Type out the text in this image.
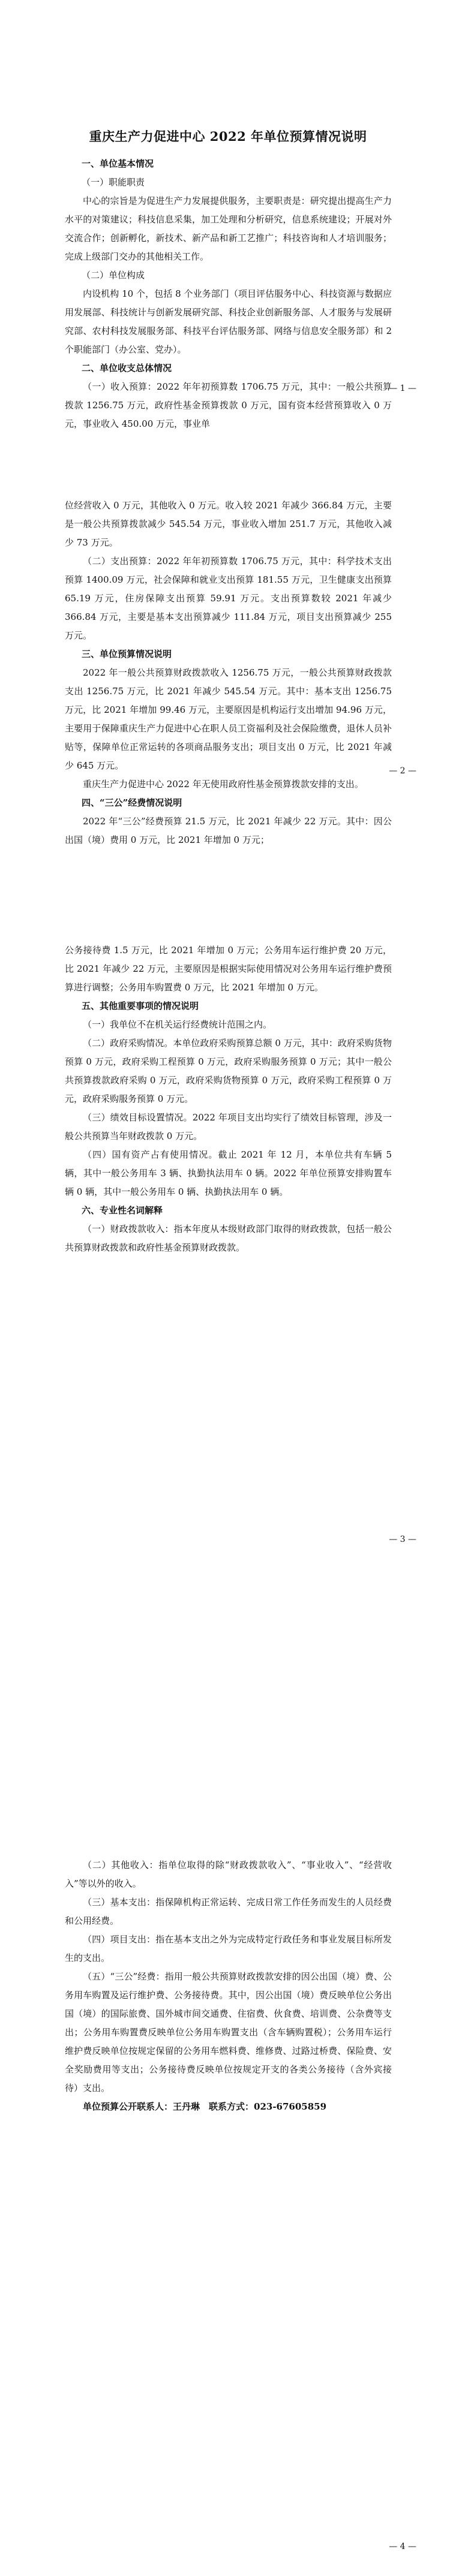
重庆生产力促进中心 2022 年单位预算情况说明

一、单位基本情况

（一）职能职责

中心的宗旨是为促进生产力发展提供服务，主要职责是：研究提出提高生产力水平的对策建议；科技信息采集，加工处理和分析研究，信息系统建设；开展对外交流合作；创新孵化，新技术、新产品和新工艺推广；科技咨询和人才培训服务；完成上级部门交办的其他相关工作。

（二）单位构成

内设机构 10 个，包括 8 个业务部门（项目评估服务中心、科技资源与数据应用发展部、科技统计与创新发展研究部、科技企业创新服务部、人才服务与发展研究部、农村科技发展服务部、科技平台评估服务部、网络与信息安全服务部）和 2 个职能部门（办公室、党办）。

二、单位收支总体情况

（一）收入预算：2022 年年初预算数 1706.75 万元，其中：一般公共预算拨款 1256.75 万元，政府性基金预算拨款 0 万元，国有资本经营预算收入 0 万元，事业收入 450.00 万元，事业单

— 1 —

位经营收入 0 万元，其他收入 0 万元。收入较 2021 年减少 366.84 万元，主要是一般公共预算拨款减少 545.54 万元，事业收入增加 251.7 万元，其他收入减少 73 万元。

（二）支出预算：2022 年年初预算数 1706.75 万元，其中：科学技术支出预算 1400.09 万元，社会保障和就业支出预算 181.55 万元，卫生健康支出预算 65.19 万元，住房保障支出预算 59.91 万元。支出预算数较 2021 年减少 366.84 万元，主要是基本支出预算减少 111.84 万元，项目支出预算减少 255 万元。

三、单位预算情况说明

2022 年一般公共预算财政拨款收入 1256.75 万元，一般公共预算财政拨款支出 1256.75 万元，比 2021 年减少 545.54 万元。其中：基本支出 1256.75 万元，比 2021 年增加 99.46 万元，主要原因是机构运行支出增加 94.96 万元，主要用于保障重庆生产力促进中心在职人员工资福利及社会保险缴费，退休人员补贴等，保障单位正常运转的各项商品服务支出；项目支出 0 万元，比 2021 年减少 645 万元。

重庆生产力促进中心 2022 年无使用政府性基金预算拨款安排的支出。

四、“三公”经费情况说明

2022 年“三公”经费预算 21.5 万元，比 2021 年减少 22 万元。其中：因公出国（境）费用 0 万元，比 2021 年增加 0 万元；

— 2 —

公务接待费 1.5 万元，比 2021 年增加 0 万元；公务用车运行维护费 20 万元，比 2021 年减少 22 万元，主要原因是根据实际使用情况对公务用车运行维护费预算进行调整；公务用车购置费 0 万元，比 2021 年增加 0 万元。

五、其他重要事项的情况说明

（一）我单位不在机关运行经费统计范围之内。

（二）政府采购情况。本单位政府采购预算总额 0 万元，其中：政府采购货物预算 0 万元，政府采购工程预算 0 万元，政府采购服务预算 0 万元；其中一般公共预算拨款政府采购 0 万元，政府采购货物预算 0 万元，政府采购工程预算 0 万元，政府采购服务预算 0 万元。

（三）绩效目标设置情况。2022 年项目支出均实行了绩效目标管理，涉及一般公共预算当年财政拨款 0 万元。

（四）国有资产占有使用情况。截止 2021 年 12 月，本单位共有车辆 5 辆，其中一般公务用车 3 辆、执勤执法用车 0 辆。2022 年单位预算安排购置车辆 0 辆，其中一般公务用车 0 辆、执勤执法用车 0 辆。

六、专业性名词解释

（一）财政拨款收入：指本年度从本级财政部门取得的财政拨款，包括一般公共预算财政拨款和政府性基金预算财政拨款。

— 3 —

（二）其他收入：指单位取得的除“财政拨款收入”、“事业收入”、“经营收入”等以外的收入。

（三）基本支出：指保障机构正常运转、完成日常工作任务而发生的人员经费和公用经费。

（四）项目支出：指在基本支出之外为完成特定行政任务和事业发展目标所发生的支出。

（五）“三公”经费：指用一般公共预算财政拨款安排的因公出国（境）费、公务用车购置及运行维护费、公务接待费。其中，因公出国（境）费反映单位公务出国（境）的国际旅费、国外城市间交通费、住宿费、伙食费、培训费、公杂费等支出；公务用车购置费反映单位公务用车购置支出（含车辆购置税）；公务用车运行维护费反映单位按规定保留的公务用车燃料费、维修费、过路过桥费、保险费、安全奖励费用等支出；公务接待费反映单位按规定开支的各类公务接待（含外宾接待）支出。

单位预算公开联系人：王丹琳　联系方式：023-67605859

— 4 —
